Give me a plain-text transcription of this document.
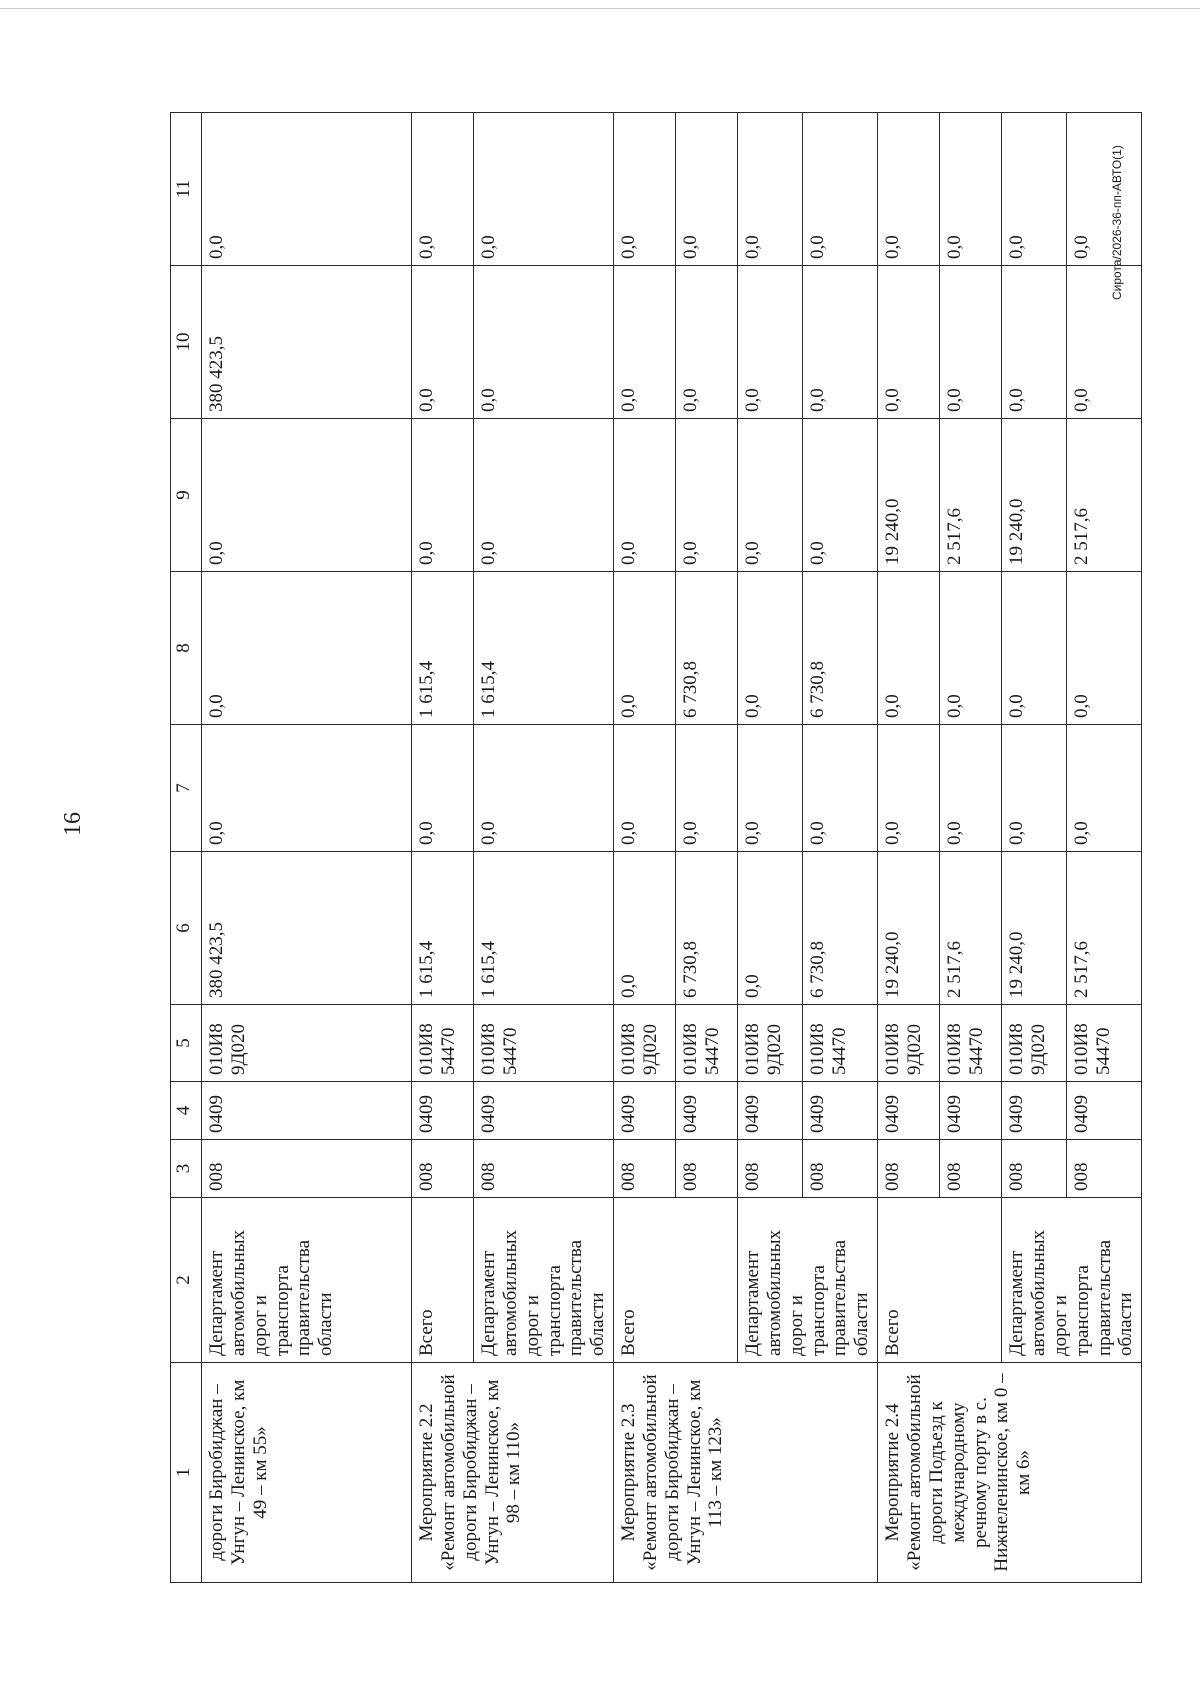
16
Сирота/2026-36-пп-АВТО(1)
1	2	3	4	5	6	7	8	9	10	11
дороги Биробиджан – Унгун – Ленинское, км 49 – км 55»	Департамент автомобильных дорог и транспорта правительства области	008	0409	010И8 9Д020	380 423,5	0,0	0,0	0,0	380 423,5	0,0
Мероприятие 2.2 «Ремонт автомобильной дороги Биробиджан – Унгун – Ленинское, км 98 – км 110»	Всего	008	0409	010И8 54470	1 615,4	0,0	1 615,4	0,0	0,0	0,0
	Департамент автомобильных дорог и транспорта правительства области	008	0409	010И8 54470	1 615,4	0,0	1 615,4	0,0	0,0	0,0
Мероприятие 2.3 «Ремонт автомобильной дороги Биробиджан – Унгун – Ленинское, км 113 – км 123»	Всего	008	0409	010И8 9Д020	0,0	0,0	0,0	0,0	0,0	0,0
		008	0409	010И8 54470	6 730,8	0,0	6 730,8	0,0	0,0	0,0
	Департамент автомобильных дорог и транспорта правительства области	008	0409	010И8 9Д020	0,0	0,0	0,0	0,0	0,0	0,0
		008	0409	010И8 54470	6 730,8	0,0	6 730,8	0,0	0,0	0,0
Мероприятие 2.4 «Ремонт автомобильной дороги Подъезд к международному речному порту в с. Нижнеленинское, км 0 – км 6»	Всего	008	0409	010И8 9Д020	19 240,0	0,0	0,0	19 240,0	0,0	0,0
		008	0409	010И8 54470	2 517,6	0,0	0,0	2 517,6	0,0	0,0
	Департамент автомобильных дорог и транспорта правительства области	008	0409	010И8 9Д020	19 240,0	0,0	0,0	19 240,0	0,0	0,0
		008	0409	010И8 54470	2 517,6	0,0	0,0	2 517,6	0,0	0,0
